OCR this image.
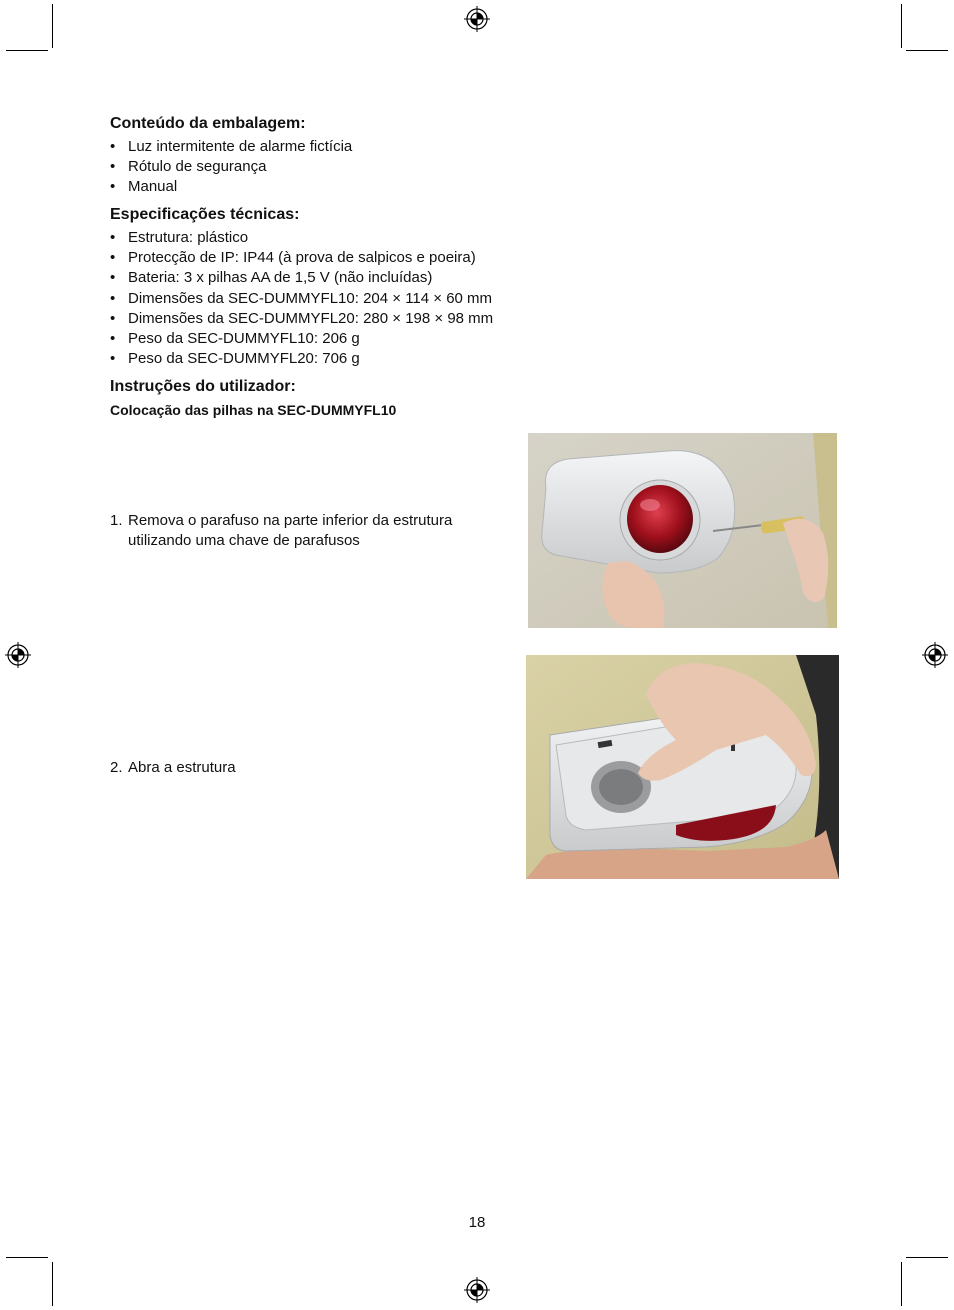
Conteúdo da embalagem:
• Luz intermitente de alarme fictícia
• Rótulo de segurança
• Manual
Especificações técnicas:
• Estrutura: plástico
• Protecção de IP: IP44 (à prova de salpicos e poeira)
• Bateria: 3 x pilhas AA de 1,5 V (não incluídas)
• Dimensões da SEC-DUMMYFL10: 204 × 114 × 60 mm
• Dimensões da SEC-DUMMYFL20: 280 × 198 × 98 mm
• Peso da SEC-DUMMYFL10: 206 g
• Peso da SEC-DUMMYFL20: 706 g
Instruções do utilizador:
Colocação das pilhas na SEC-DUMMYFL10
1. Remova o parafuso na parte inferior da estrutura
utilizando uma chave de parafusos
2. Abra a estrutura
18
